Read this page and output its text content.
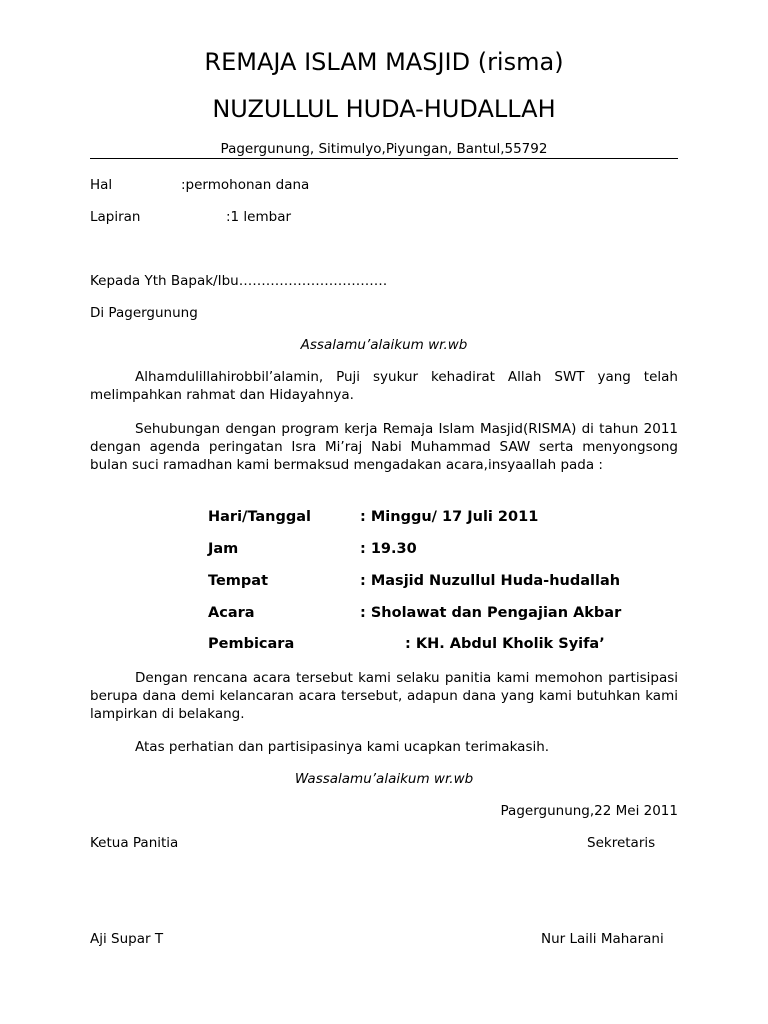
REMAJA ISLAM MASJID (risma)
NUZULLUL HUDA-HUDALLAH
Pagergunung, Sitimulyo,Piyungan, Bantul,55792
Hal	:permohonan dana
Lapiran	:1 lembar
Kepada Yth Bapak/Ibu……………………………
Di Pagergunung
Assalamu’alaikum wr.wb
Alhamdulillahirobbil’alamin, Puji syukur kehadirat Allah SWT yang telah melimpahkan rahmat dan Hidayahnya.
Sehubungan dengan program kerja Remaja Islam Masjid(RISMA) di tahun 2011 dengan agenda peringatan Isra Mi’raj Nabi Muhammad SAW serta menyongsong bulan suci ramadhan kami bermaksud mengadakan acara,insyaallah pada :
Hari/Tanggal	: Minggu/ 17 Juli 2011
Jam	: 19.30
Tempat	: Masjid Nuzullul Huda-hudallah
Acara	: Sholawat dan Pengajian Akbar
Pembicara	: KH. Abdul Kholik Syifa’
Dengan rencana acara tersebut kami selaku panitia kami memohon partisipasi berupa dana demi kelancaran acara tersebut, adapun dana yang kami butuhkan kami lampirkan di belakang.
Atas perhatian dan partisipasinya kami ucapkan terimakasih.
Wassalamu’alaikum wr.wb
Pagergunung,22 Mei 2011
Ketua Panitia	Sekretaris
Aji Supar T	Nur Laili Maharani
